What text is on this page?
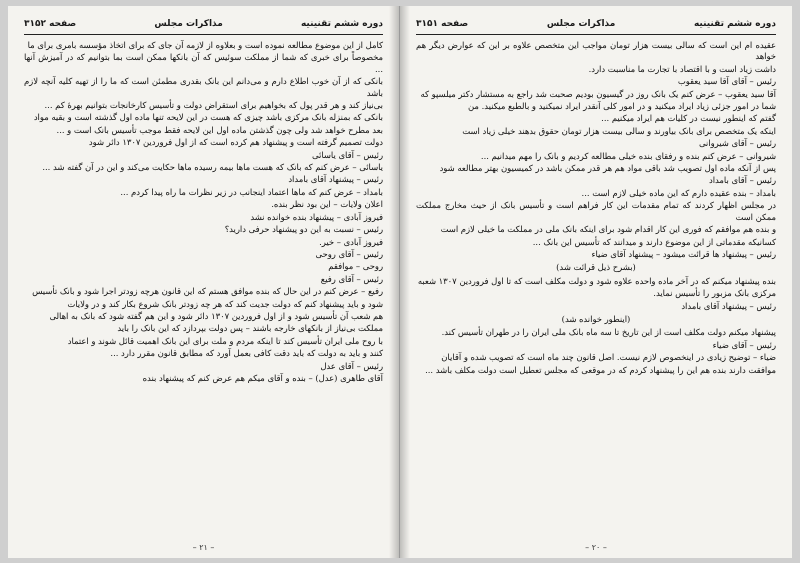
دوره ششم تقنينيه
مذاكرات مجلس
صفحه ۳۱۵۲

کامل از این موضوع مطالعه نموده است و بعلاوه از لازمه آن جای که برای اتخاذ مؤسسه بامری برای ما

مخصوصاً برای خبری که شما از مملکت سوئیس که آن بانکها ممکن است بما بتوانیم که در آمیزش آنها ...

بانکی که از آن خوب اطلاع دارم و می‌دانم این بانک بقدری مطمئن است که ما را از تهیه کلیه آنچه لازم باشد

بی‌نیاز کند و هر قدر پول که بخواهیم برای استقراض دولت و تأسیس کارخانجات بتوانیم بهرهٔ کم ...

بانکی که بمنزله بانک مرکزی باشد چیزی که هست در این لایحه تنها ماده اول گذشته است و بقیه مواد

بعد مطرح خواهد شد ولی چون گذشتن ماده اول این لایحه فقط موجب تأسیس بانک است و ...

دولت تصمیم گرفته است و پیشنهاد هم کرده است که از اول فروردین ۱۳۰۷ دائر شود

رئیس – آقای یاسائی

یاسائی – عرض کنم که بانک که هست ماها بیمه رسیده ماها حکایت می‌کند و این در آن گفته شد ...

رئیس – پیشنهاد آقای بامداد

بامداد – عرض کنم که ماها اعتماد اینجانب در زیر نظرات ما راه پیدا کردم ...

اعلان ولایات – این بود نظر بنده.

فیروز آبادی – پیشنهاد بنده خوانده نشد

رئیس – نسبت به این دو پیشنهاد حرفی دارید؟

فیروز آبادی – خیر.

رئیس – آقای روحی

روحی – موافقم

رئیس – آقای رفیع

رفیع – عرض کنم در این حال که بنده موافق هستم که این قانون هرچه زودتر اجرا شود و بانک تأسیس

شود و باید پیشنهاد کنم که دولت جدیت کند که هر چه زودتر بانک شروع بکار کند و در ولایات

هم شعب آن تأسیس شود و از اول فروردین ۱۳۰۷ دائر شود و این هم گفته شود که بانک به اهالی

مملکت بی‌نیاز از بانکهای خارجه باشند – پس دولت بپردازد که این بانک را باید

با روح ملی ایران تأسیس کند تا اینکه مردم و ملت برای این بانک اهمیت قائل شوند و اعتماد

کنند و باید به دولت که باید دقت کافی بعمل آورد که مطابق قانون مقرر دارد ...

رئیس – آقای عدل

آقای طاهری (عدل) – بنده و آقای میکم هم عرض کنم که پیشنهاد بنده

– ۲۱ –
دوره ششم تقنينيه
مذاكرات مجلس
صفحه ۳۱۵۱

عقیده ام این است که سالی بیست هزار تومان مواجب این متخصص علاوه بر این که عوارض دیگر هم خواهد

داشت زیاد است و با اقتصاد با تجارت ما مناسبت دارد.

رئیس – آقای آقا سید یعقوب

آقا سید یعقوب – عرض کنم یک بانک روز در گیسیون بودیم صحبت شد راجع به مستشار دکتر میلسپو که

شما در امور جزئی زیاد ایراد میکنید و در امور کلی آنقدر ایراد نمیکنید و بالطبع میکنید. من

گفتم که اینطور نیست در کلیات هم ایراد میکنیم ...

اینکه یک متخصص برای بانک بیاورند و سالی بیست هزار تومان حقوق بدهند خیلی زیاد است

رئیس – آقای شیروانی

شیروانی – عرض کنم بنده و رفقای بنده خیلی مطالعه کردیم و بانک را مهم میدانیم ...

پس از آنکه ماده اول تصویب شد باقی مواد هم هر قدر ممکن باشد در کمیسیون بهتر مطالعه شود

رئیس – آقای بامداد

بامداد – بنده عقیده دارم که این ماده خیلی لازم است ...

در مجلس اظهار کردند که تمام مقدمات این کار فراهم است و تأسیس بانک از حیث مخارج مملکت ممکن است

و بنده هم موافقم که فوری این کار اقدام شود برای اینکه بانک ملی در مملکت ما خیلی لازم است

کسانیکه مقدماتی از این موضوع دارند و میدانند که تأسیس این بانک ...

رئیس – پیشنهاد ها قرائت میشود – پیشنهاد آقای ضیاء

(بشرح ذیل قرائت شد)

بنده پیشنهاد میکنم که در آخر ماده واحده علاوه شود و دولت مکلف است که تا اول فروردین ۱۳۰۷ شعبه

مرکزی بانک مزبور را تأسیس نماید.

رئیس – پیشنهاد آقای بامداد

(اینطور خوانده شد)

پیشنهاد میکنم دولت مکلف است از این تاریخ تا سه ماه بانک ملی ایران را در طهران تأسیس کند.

رئیس – آقای ضیاء

ضیاء – توضیح زیادی در اینخصوص لازم نیست. اصل قانون چند ماه است که تصویب شده و آقایان

موافقت دارند بنده هم این را پیشنهاد کردم که در موقعی که مجلس تعطیل است دولت مکلف باشد ...

– ۲۰ –
